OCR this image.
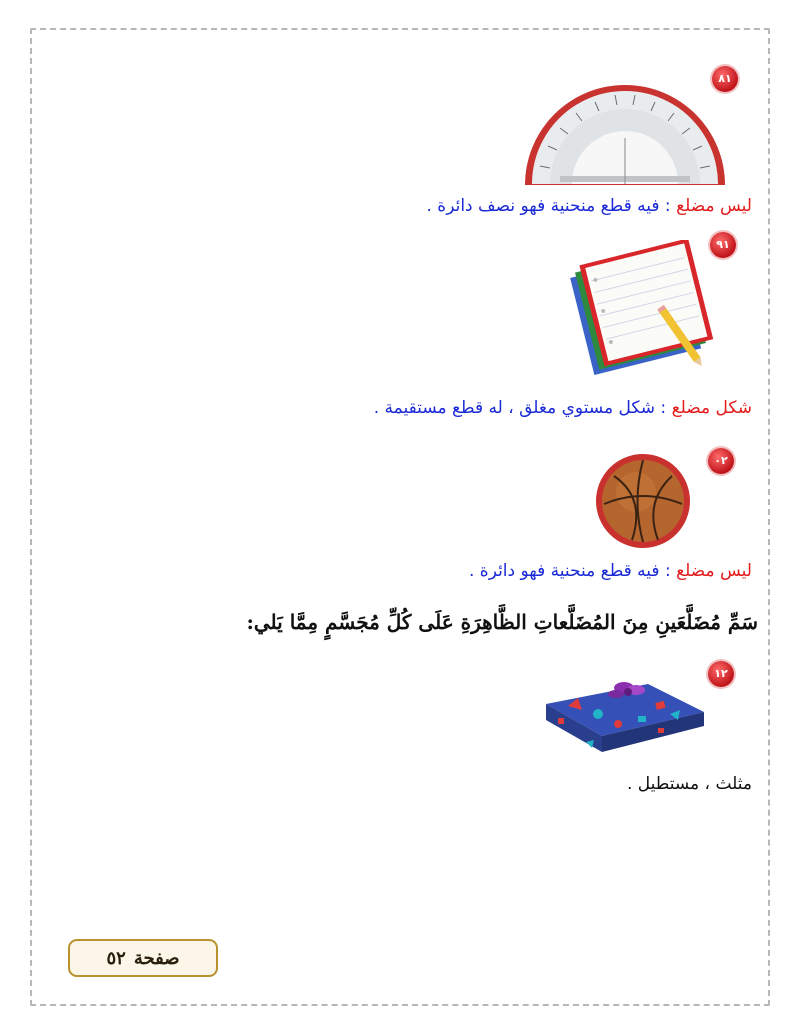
٨١
ليس مضلع : فيه قطع منحنية فهو نصف دائرة .
٩١
شكل مضلع : شكل مستوي مغلق ، له قطع مستقيمة .
٠٢
ليس مضلع : فيه قطع منحنية فهو دائرة .
سَمِّ مُضَلَّعَينِ مِنَ المُضَلَّعاتِ الظَّاهِرَةِ عَلَى كُلِّ مُجَسَّمٍ مِمَّا يَلي:
١٢
مثلث ، مستطيل .
صفحة
٥٢
